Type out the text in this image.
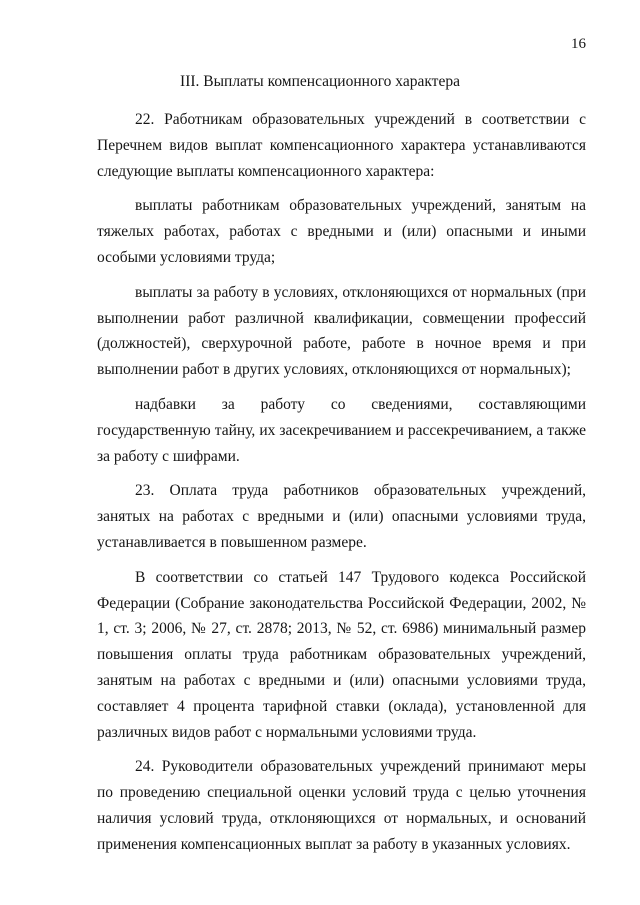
16
III. Выплаты компенсационного характера

22. Работникам образовательных учреждений в соответствии с Перечнем видов выплат компенсационного характера устанавливаются следующие выплаты компенсационного характера:

выплаты работникам образовательных учреждений, занятым на тяжелых работах, работах с вредными и (или) опасными и иными особыми условиями труда;

выплаты за работу в условиях, отклоняющихся от нормальных (при выполнении работ различной квалификации, совмещении профессий (должностей), сверхурочной работе, работе в ночное время и при выполнении работ в других условиях, отклоняющихся от нормальных);

надбавки за работу со сведениями, составляющими государственную тайну, их засекречиванием и рассекречиванием, а также за работу с шифрами.

23. Оплата труда работников образовательных учреждений, занятых на работах с вредными и (или) опасными условиями труда, устанавливается в повышенном размере.

В соответствии со статьей 147 Трудового кодекса Российской Федерации (Собрание законодательства Российской Федерации, 2002, № 1, ст. 3; 2006, № 27, ст. 2878; 2013, № 52, ст. 6986) минимальный размер повышения оплаты труда работникам образовательных учреждений, занятым на работах с вредными и (или) опасными условиями труда, составляет 4 процента тарифной ставки (оклада), установленной для различных видов работ с нормальными условиями труда.

24. Руководители образовательных учреждений принимают меры по проведению специальной оценки условий труда с целью уточнения наличия условий труда, отклоняющихся от нормальных, и оснований применения компенсационных выплат за работу в указанных условиях.
